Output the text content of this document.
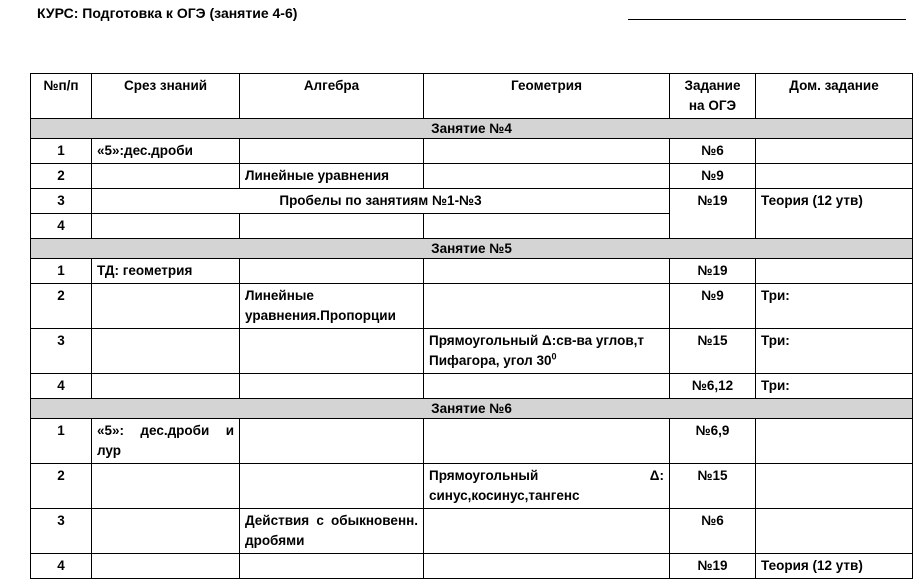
КУРС: Подготовка к ОГЭ (занятие 4-6)
№п/п	Срез знаний	Алгебра	Геометрия	Задание на ОГЭ	Дом. задание
Занятие №4					
1	«5»:дес.дроби			№6	
2		Линейные уравнения		№9	
3	Пробелы по занятиям №1-№3			№19	Теория (12 утв)
4					
Занятие №5					
1	ТД: геометрия			№19	
2		Линейные уравнения.Пропорции		№9	Три:
3			Прямоугольный Δ:св-ва углов,т Пифагора, угол $30^0$	№15	Три:
4				№6,12	Три:
Занятие №6					
1	«5»: дес.дроби и лур			№6,9	
2			Прямоугольный Δ: синус,косинус,тангенс	№15	
3		Действия с обыкновенн. дробями		№6	
4				№19	Теория (12 утв)
